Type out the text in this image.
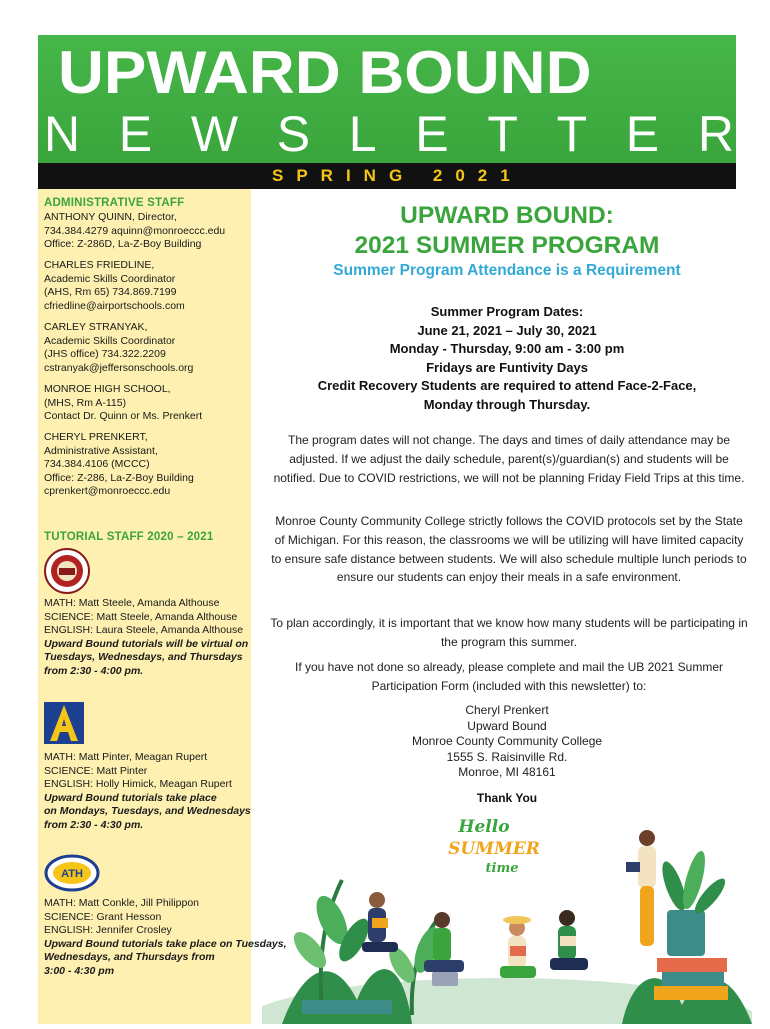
UPWARD BOUND
N E W S L E T T E R
SPRING 2021
ADMINISTRATIVE STAFF
ANTHONY QUINN, Director,
734.384.4279 aquinn@monroeccc.edu
Office: Z-286D, La-Z-Boy Building
CHARLES FRIEDLINE,
Academic Skills Coordinator
(AHS, Rm 65) 734.869.7199
cfriedline@airportschools.com
CARLEY STRANYAK,
Academic Skills Coordinator
(JHS office) 734.322.2209
cstranyak@jeffersonschools.org
MONROE HIGH SCHOOL,
(MHS, Rm A-115)
Contact Dr. Quinn or Ms. Prenkert
CHERYL PRENKERT,
Administrative Assistant,
734.384.4106 (MCCC)
Office: Z-286, La-Z-Boy Building
cprenkert@monroeccc.edu
TUTORIAL STAFF 2020 – 2021
MATH: Matt Steele, Amanda Althouse
SCIENCE: Matt Steele, Amanda Althouse
ENGLISH: Laura Steele, Amanda Althouse
Upward Bound tutorials will be virtual on
Tuesdays, Wednesdays, and Thursdays
from 2:30 - 4:00 pm.
MATH: Matt Pinter, Meagan Rupert
SCIENCE: Matt Pinter
ENGLISH: Holly Himick, Meagan Rupert
Upward Bound tutorials take place
on Mondays, Tuesdays, and Wednesdays
from 2:30 - 4:30 pm.
ATH
MATH: Matt Conkle, Jill Philippon
SCIENCE: Grant Hesson
ENGLISH: Jennifer Crosley
Upward Bound tutorials take place on Tuesdays,
Wednesdays, and Thursdays from
3:00 - 4:30 pm
UPWARD BOUND:
2021 SUMMER PROGRAM
Summer Program Attendance is a Requirement
Summer Program Dates:
June 21, 2021 – July 30, 2021
Monday - Thursday, 9:00 am - 3:00 pm
Fridays are Funtivity Days
Credit Recovery Students are required to attend Face-2-Face,
Monday through Thursday.
The program dates will not change. The days and times of daily attendance may be adjusted. If we adjust the daily schedule, parent(s)/guardian(s) and students will be notified. Due to COVID restrictions, we will not be planning Friday Field Trips at this time.
Monroe County Community College strictly follows the COVID protocols set by the State of Michigan. For this reason, the classrooms we will be utilizing will have limited capacity to ensure safe distance between students. We will also schedule multiple lunch periods to ensure our students can enjoy their meals in a safe environment.
To plan accordingly, it is important that we know how many students will be participating in the program this summer.
If you have not done so already, please complete and mail the UB 2021 Summer Participation Form (included with this newsletter) to:
Cheryl Prenkert
Upward Bound
Monroe County Community College
1555 S. Raisinville Rd.
Monroe, MI 48161
Thank You
Hello
SUMMER
time
